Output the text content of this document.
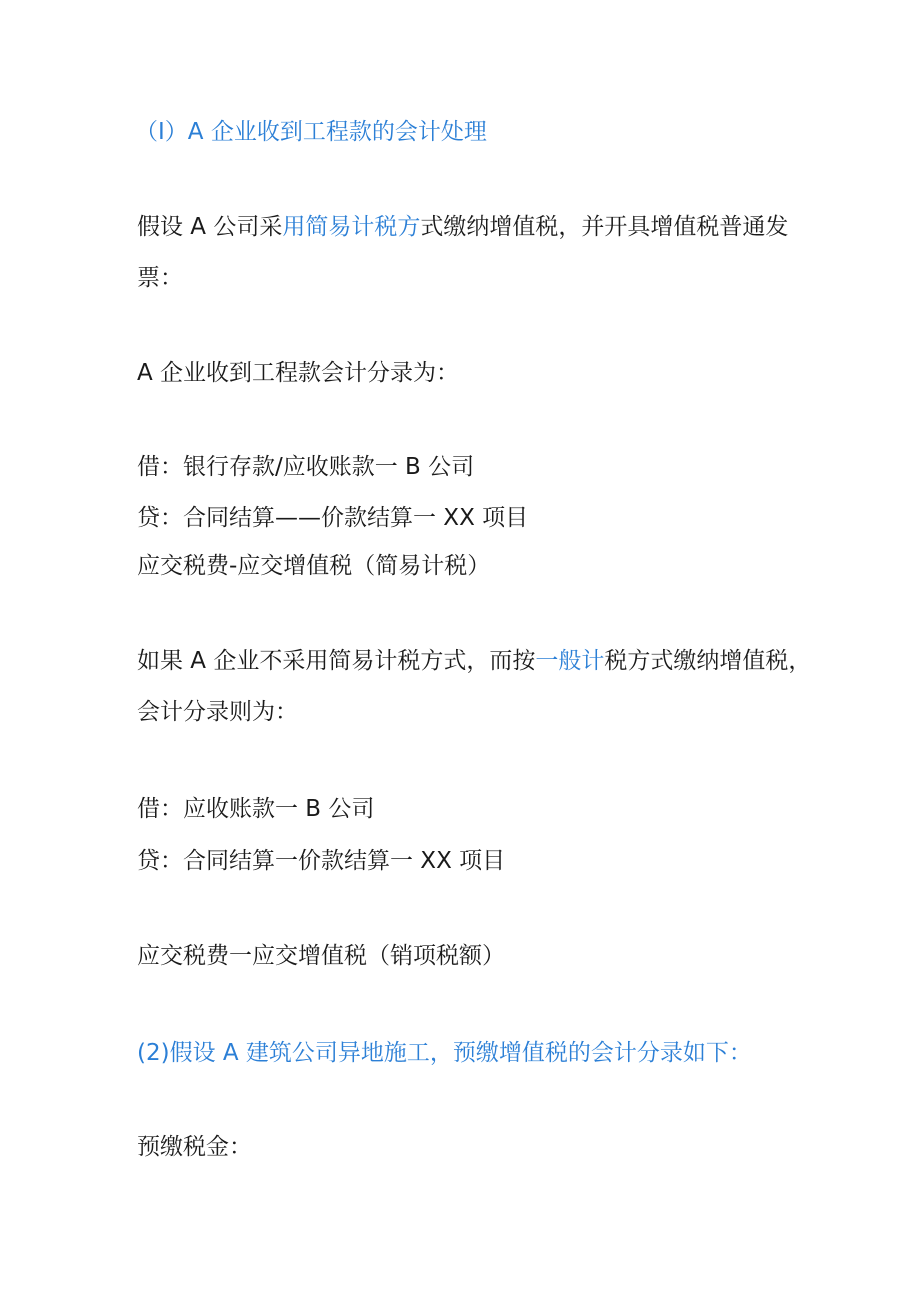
（I）A 企业收到工程款的会计处理
假设 A 公司采用简易计税方式缴纳增值税，并开具增值税普通发
票：
A 企业收到工程款会计分录为：
借：银行存款/应收账款一 B 公司
贷：合同结算——价款结算一 XX 项目
应交税费-应交增值税（简易计税）
如果 A 企业不采用简易计税方式，而按一般计税方式缴纳增值税，
会计分录则为：
借：应收账款一 B 公司
贷：合同结算一价款结算一 XX 项目
应交税费一应交增值税（销项税额）
(2)假设 A 建筑公司异地施工，预缴增值税的会计分录如下：
预缴税金：
